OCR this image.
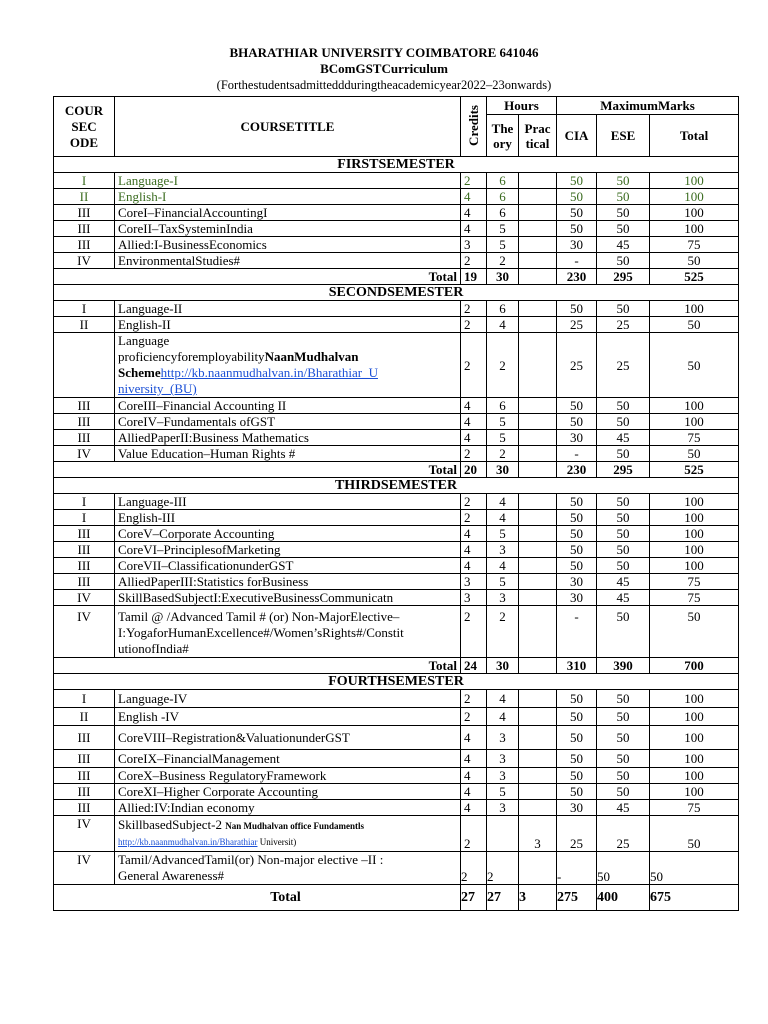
BHARATHIAR UNIVERSITY COIMBATORE 641046
BComGSTCurriculum
(Forthestudentsadmitteddduringtheacademicyear2022–23onwards)
COUR SEC ODE	COURSETITLE	Credits	Hours		MaximumMarks		
			The ory	Prac tical	CIA	ESE	Total
FIRSTSEMESTER							
I	Language-I	2	6		50	50	100
II	English-I	4	6		50	50	100
III	CoreI–FinancialAccountingI	4	6		50	50	100
III	CoreII–TaxSysteminIndia	4	5		50	50	100
III	Allied:I-BusinessEconomics	3	5		30	45	75
IV	EnvironmentalStudies#	2	2		-	50	50
Total		19	30		230	295	525
SECONDSEMESTER							
I	Language-II	2	6		50	50	100
II	English-II	2	4		25	25	50

	Language
proficiencyforemployabilityNaanMudhalvan
Schemehttp://kb.naanmudhalvan.in/Bharathiar_U
niversity_(BU)	2	2		25	25	50
III	CoreIII–Financial Accounting II	4	6		50	50	100
III	CoreIV–Fundamentals ofGST	4	5		50	50	100
III	AlliedPaperII:Business Mathematics	4	5		30	45	75
IV	Value Education–Human Rights #	2	2		-	50	50
Total		20	30		230	295	525
THIRDSEMESTER							
I	Language-III	2	4		50	50	100
I	English-III	2	4		50	50	100
III	CoreV–Corporate Accounting	4	5		50	50	100
III	CoreVI–PrinciplesofMarketing	4	3		50	50	100
III	CoreVII–ClassificationunderGST	4	4		50	50	100
III	AlliedPaperIII:Statistics forBusiness	3	5		30	45	75
IV	SkillBasedSubjectI:ExecutiveBusinessCommunicatn	3	3		30	45	75
IV	Tamil @ /Advanced Tamil # (or) Non-MajorElective–
I:YogaforHumanExcellence#/Women’sRights#/Constit
utionofIndia#	2	2		-	50	50
Total		24	30		310	390	700
FOURTHSEMESTER							
I	Language-IV	2	4		50	50	100
II	English -IV	2	4		50	50	100
III	CoreVIII–Registration&ValuationunderGST	4	3		50	50	100
III	CoreIX–FinancialManagement	4	3		50	50	100
III	CoreX–Business RegulatoryFramework	4	3		50	50	100
III	CoreXI–Higher Corporate Accounting	4	5		50	50	100
III	Allied:IV:Indian economy	4	3		30	45	75
IV	SkillbasedSubject-2 Nan Mudhalvan office Fundamentls
http://kb.naanmudhalvan.in/Bharathiar Universit)	2		3	25	25	50
IV	Tamil/AdvancedTamil(or) Non-major elective –II :
General Awareness#	2	2		-	50	50
Total		27	27	3	275	400	675
